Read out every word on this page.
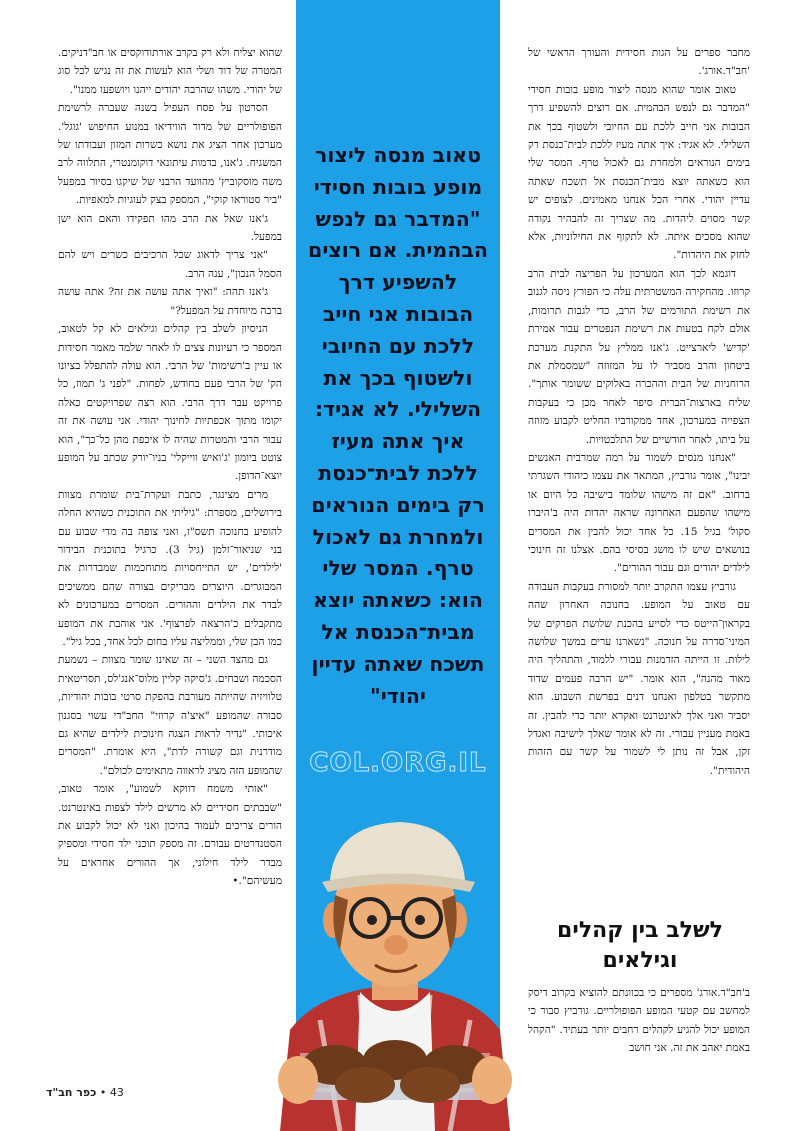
מחבר ספרים על הגות חסידית והעורך הראשי של 'חב"ד.אורג'.

טאוב אומר שהוא מנסה ליצור מופע בובות חסידי "המדבר גם לנפש הבהמית. אם רוצים להשפיע דרך הבובות אני חייב ללכת עם החיובי ולשטוף בכך את השלילי. לא אגיד: איך אתה מעיז ללכת לבית־כנסת רק בימים הנוראים ולמחרת גם לאכול טרף. המסר שלי הוא כשאתה יוצא מבית־הכנסת אל תשכח שאתה עדיין יהודי. אחרי הכל אנחנו מאמינים. לצופים יש קשר מסוים ליהדות. מה שצריך זה להבהיר נקודה שהוא מסכים איתה. לא לתקוף את החילוניות, אלא לחזק את היהדות".

דוגמא לכך הוא המערכון על הפריצה לבית הרב קרוזו. מהחקירה המשטרתית עלה כי הפורץ ניסה לגנוב את רשימת התורמים של הרב, כדי לגבות תרומות, אולם לקח בטעות את רשימת הנפטרים עבור אמירת 'קדיש' ליארצייט. ג'אנו ממליץ על התקנת מערכת ביטחון והרב מסביר לו על המזוזה "שמסמלת את הרוחניות של הבית וההכרה באלוקים ששומר אותך". שליח בארצות־הברית סיפר לאחר מכן כי בעקבות הצפייה במערכון, אחד ממקורביו החליט לקבוע מזוזה על ביתו, לאחר חודשיים של התלבטויות.

"אנחנו מנסים לשמור על רמה שמרבית האנשים יבינו", אומר גורביץ, המתאר את עצמו כיהודי השגרתי ברחוב. "אם זה מישהו שלומד בישיבה כל היום או מישהו שהפעם האחרונה שראה יהדות היה ב'היברו סקול' בגיל 15. כל אחד יכול להבין את המסרים בנושאים שיש לו מושג בסיסי בהם. אצלנו זה חינוכי לילדים יהודים וגם עבור ההורים".

גורביץ עצמו התקרב יותר למסורת בעקבות העבודה עם טאוב על המופע. בחנוכה האחרון שהה בקראון־הייטס כדי לסייע בהכנת שלושת הפרקים של המיני־סדרה על חנוכה. "נשארנו ערים במשך שלושה לילות. זו הייתה הזדמנות עבורי ללמוד, והתהליך היה מאוד מהנה", הוא אומר. "יש הרבה פעמים שדוד מתקשר בטלפון ואנחנו דנים בפרשת השבוע. הוא יסביר ואני אלך לאינטרנט ואקרא יותר כדי להבין. זה באמת מעניין עבורי. זה לא אומר שאלך לישיבה ואגדל זקן, אבל זה נותן לי לשמור על קשר עם הזהות היהודית".

לשלב בין קהלים וגילאים

ב'חב"ד.אורג' מספרים כי בכוונתם להוציא בקרוב דיסק למחשב עם קטעי המופע הפופולריים. גורביץ סבור כי המופע יכול להגיע לקהלים רחבים יותר בעתיד. "הקהל באמת יאהב את זה. אני חושב

שהוא יצליח ולא רק בקרב אורתודוקסים או חב"דניקים. המטרה של דוד ושלי הוא לעשות את זה נגיש לכל סוג של יהודי. משהו שהרבה יהודים ייהנו ויושפעו ממנו".

הסרטון על פסח העפיל בשנה שעברה לרשימת הפופולריים של מדור הווידיאו במנוע החיפוש 'גוגל'. מערכון אחר הציג את נושא כשרות המזון ועבודתו של המשגיח. ג'אנו, בדמות עיתונאי דוקומנטרי, התלווה לרב משה מוסקוביץ' מהוועד הרבני של שיקגו בסיור במפעל "ביר סטוראו קוקי", המספק בצק לעוגיות למאפיות.

ג'אנו שאל את הרב מהו תפקידו והאם הוא ישן במפעל.

"אני צריך לדאוג שכל הרכיבים כשרים ויש להם הסמל הנכון", ענה הרב.

ג'אנו תהה: "ואיך אתה עושה את זה? אתה עושה ברכה מיוחדת על המפעל?"

הניסיון לשלב בין קהלים וגילאים לא קל לטאוב, המספר כי רעיונות צצים לו לאחר שלמד מאמר חסידות או עיין ב'רשימות' של הרבי. הוא עולה להתפלל בציונו הק' של הרבי פעם בחודש, לפחות. "לפני ג' תמוז, כל פרויקט עבר דרך הרבי. הוא רצה שפרויקטים כאלה יקומו מתוך אכפתיות לחינוך יהודי. אני עושה את זה עבור הרבי והמטרות שהיה לו איכפת מהן כל־כך", הוא צוטט ביומון 'ג'ואיש ווייקלי' בניו־יורק שכתב על המופע יוצא־הדופן.

מרים מצינגר, כתבת ועקרת־בית שומרת מצוות בירושלים, מספרת: "גיליתי את התוכנית כשהיא החלה להופיע בחנוכה תשס"ז, ואני צופה בה מדי שבוע עם בני שניאור־זלמן (גיל 3). כרגיל בתוכנית הבידור 'לילדים', יש התייחסויות מתוחכמות שמבדרות את המבוגרים. היוצרים מבריקים בצורה שהם ממשיכים לבדר את הילדים וההורים. המסרים במערכונים לא מתקבלים כ'הרצאה לפרצוף'. אני אוהבת את המופע כמו הבן שלי, וממליצה עליו בחום לכל אחד, בכל גיל".

גם מהצד השני – זה שאינו שומר מצוות – נשמעת הסכמה ושבחים. ג'סיקה קליין מלוס־אנג'לס, תסריטאית טלוויזיה שהייתה מעורבת בהפקת סרטי בובות יהודיות, סבורה שהמופע "איצ'ה קרוזי" החב"די עשוי בסגנון איכותי. "נדיר לראות הצגה חינוכית לילדים שהיא גם מודרנית וגם קשורה לדת", היא אומרת. "המסרים שהמופע הזה מציג לראווה מתאימים לכולם".

"אותי משמח דווקא לשמוע", אומר טאוב, "שבבתים חסידיים לא מרשים לילד לצפות באינטרנט. הורים צריכים לעמוד בהיכון ואני לא יכול לקבוע את הסטנדרטים עבורם. זה מספק תוכני ילד חסידי ומספיק מבדר לילד חילוני, אך ההורים אחראים על מעשיהם".•

טאוב מנסה ליצור מופע בובות חסידי "המדבר גם לנפש הבהמית. אם רוצים להשפיע דרך הבובות אני חייב ללכת עם החיובי ולשטוף בכך את השלילי. לא אגיד: איך אתה מעיז ללכת לבית־כנסת רק בימים הנוראים ולמחרת גם לאכול טרף. המסר שלי הוא: כשאתה יוצא מבית־הכנסת אל תשכח שאתה עדיין יהודי"
COL.ORG.IL
43 • כפר חב"ד
